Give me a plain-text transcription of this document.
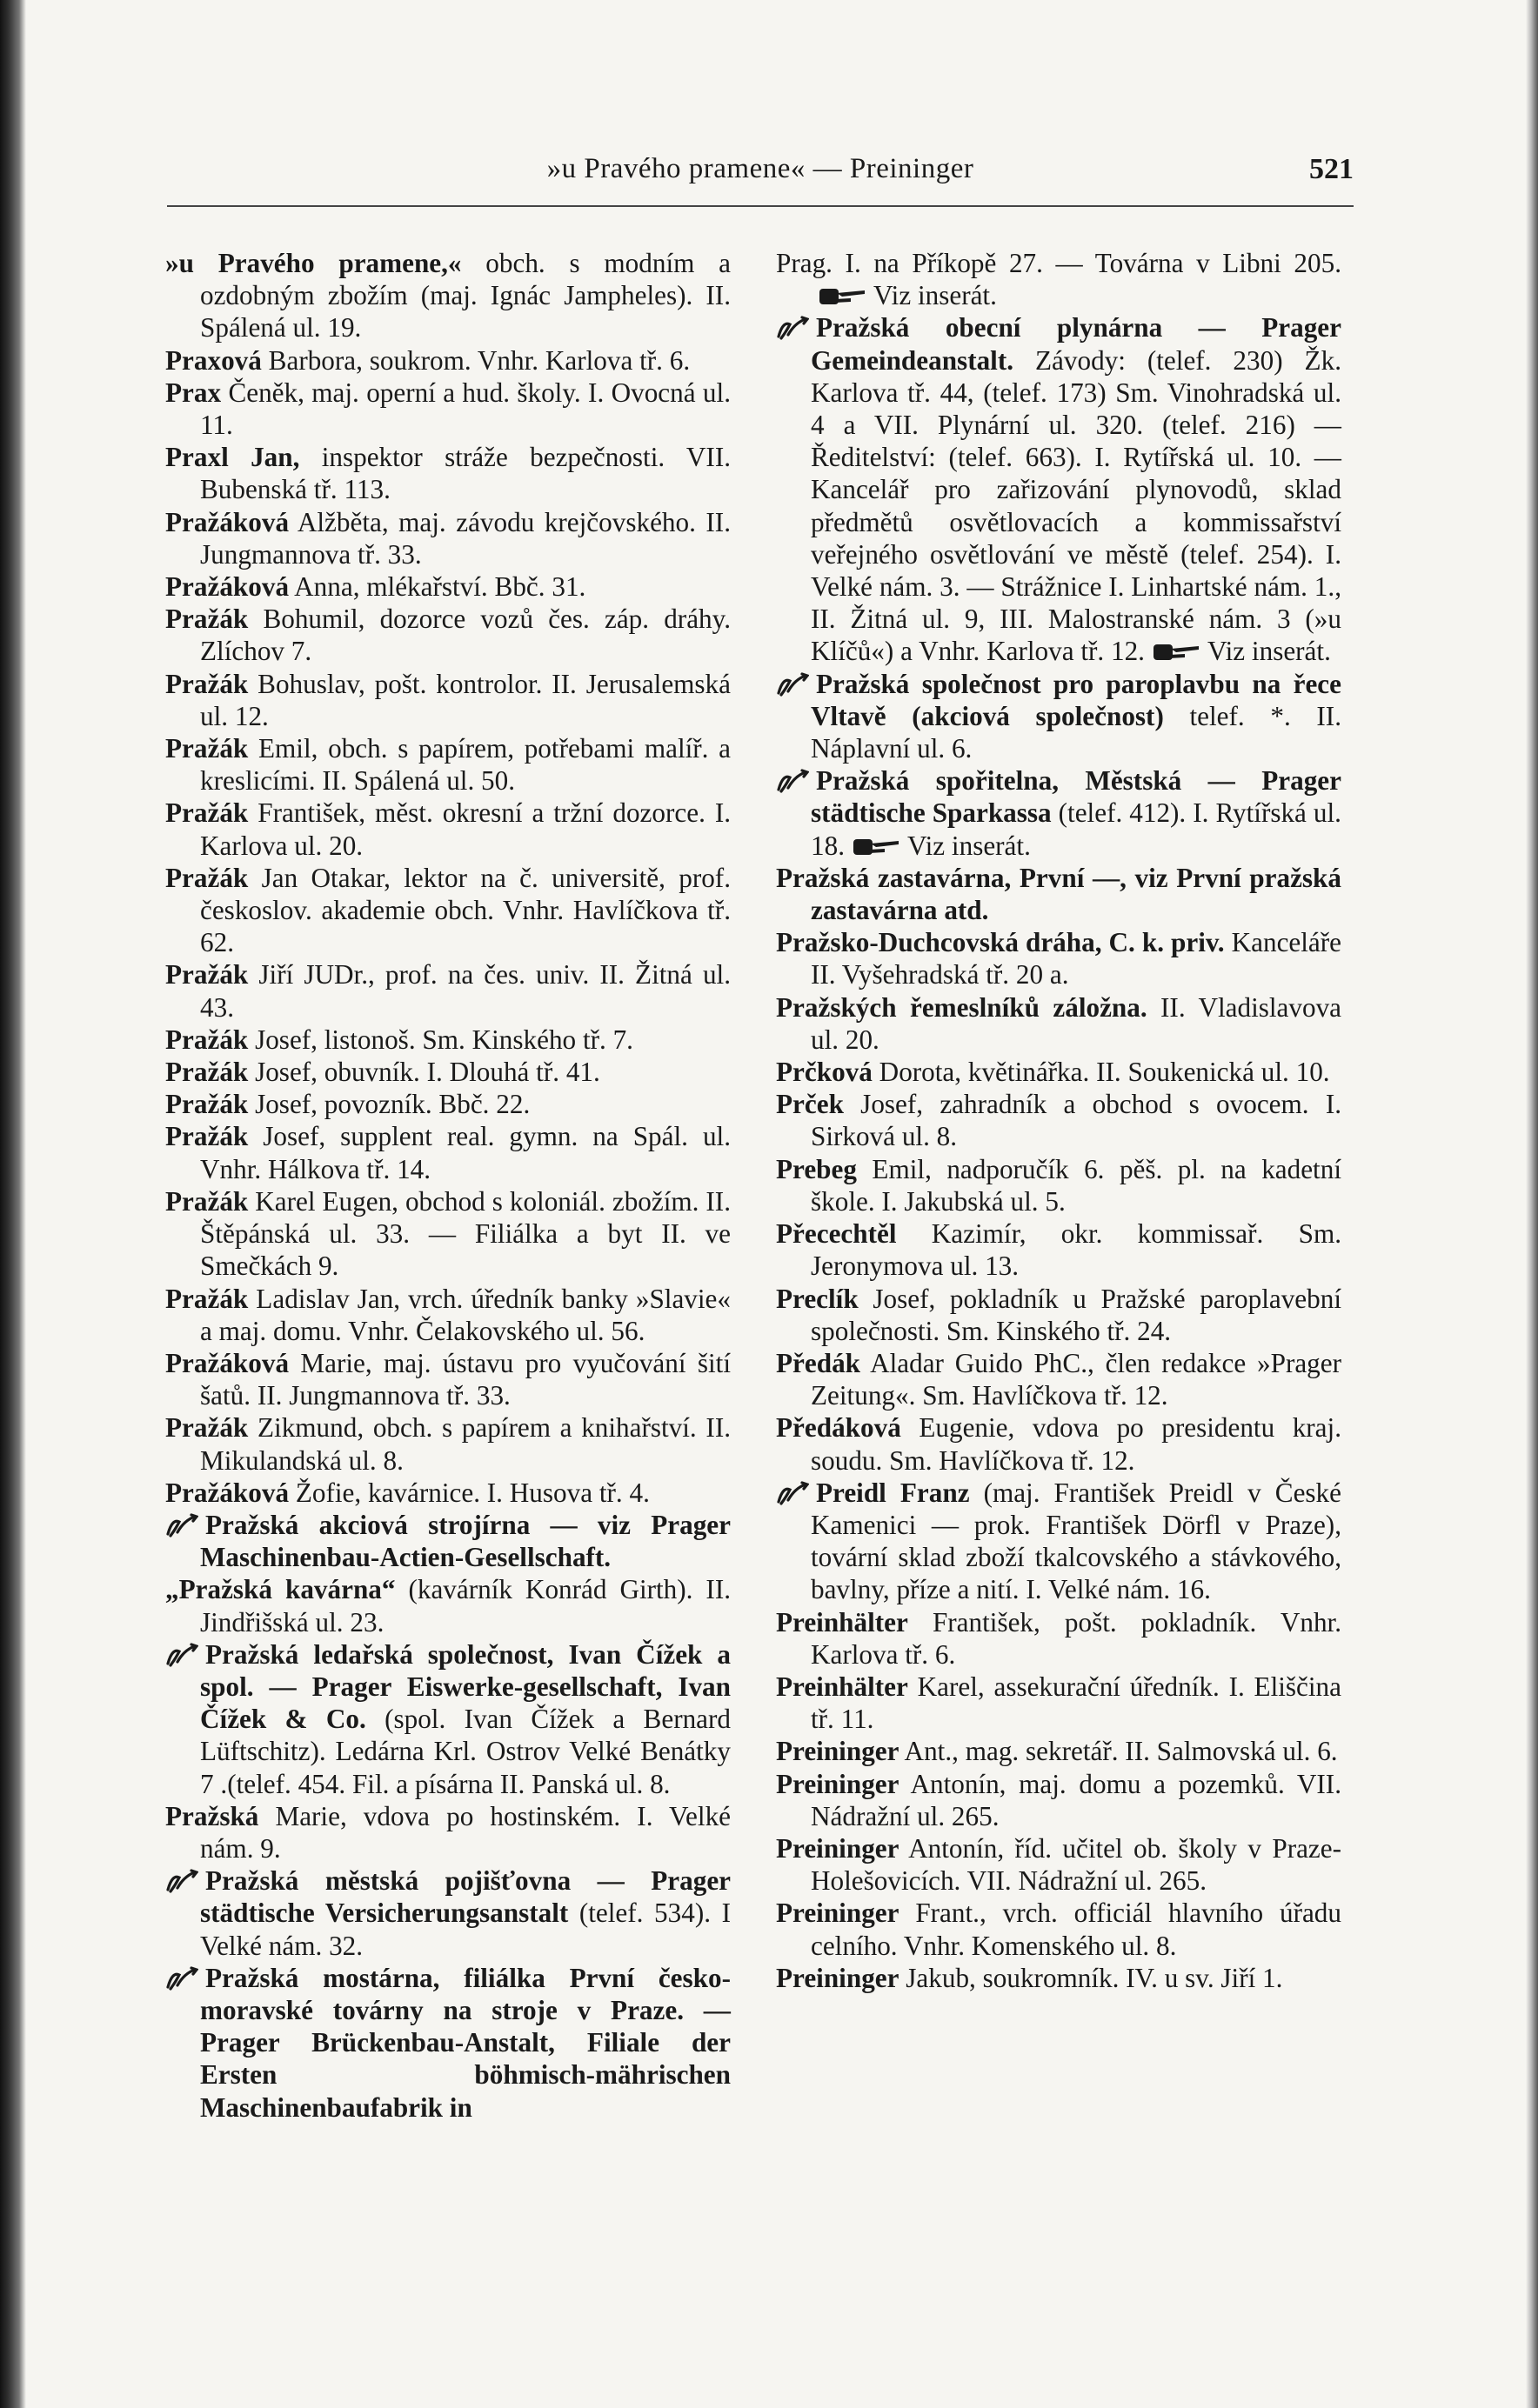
»u Pravého pramene« — Preininger	521

»u Pravého pramene,« obch. s modním a ozdobným zbožím (maj. Ignác Jampheles). II. Spálená ul. 19.

Praxová Barbora, soukrom. Vnhr. Karlova tř. 6.

Prax Čeněk, maj. operní a hud. školy. I. Ovocná ul. 11.

Praxl Jan, inspektor stráže bezpečnosti. VII. Bubenská tř. 113.

Pražáková Alžběta, maj. závodu krejčovského. II. Jungmannova tř. 33.

Pražáková Anna, mlékařství. Bbč. 31.

Pražák Bohumil, dozorce vozů čes. záp. dráhy. Zlíchov 7.

Pražák Bohuslav, pošt. kontrolor. II. Jerusalemská ul. 12.

Pražák Emil, obch. s papírem, potřebami malíř. a kreslicími. II. Spálená ul. 50.

Pražák František, měst. okresní a tržní dozorce. I. Karlova ul. 20.

Pražák Jan Otakar, lektor na č. universitě, prof. českoslov. akademie obch. Vnhr. Havlíčkova tř. 62.

Pražák Jiří JUDr., prof. na čes. univ. II. Žitná ul. 43.

Pražák Josef, listonoš. Sm. Kinského tř. 7.

Pražák Josef, obuvník. I. Dlouhá tř. 41.

Pražák Josef, povozník. Bbč. 22.

Pražák Josef, supplent real. gymn. na Spál. ul. Vnhr. Hálkova tř. 14.

Pražák Karel Eugen, obchod s koloniál. zbožím. II. Štěpánská ul. 33. — Filiálka a byt II. ve Smečkách 9.

Pražák Ladislav Jan, vrch. úředník banky »Slavie« a maj. domu. Vnhr. Čelakovského ul. 56.

Pražáková Marie, maj. ústavu pro vyučování šití šatů. II. Jungmannova tř. 33.

Pražák Zikmund, obch. s papírem a knihařství. II. Mikulandská ul. 8.

Pražáková Žofie, kavárnice. I. Husova tř. 4.

Pražská akciová strojírna — viz Prager Maschinenbau-Actien-Gesellschaft.

„Pražská kavárna“ (kavárník Konrád Girth). II. Jindřišská ul. 23.

Pražská ledařská společnost, Ivan Čížek a spol. — Prager Eiswerke-gesellschaft, Ivan Čížek & Co. (spol. Ivan Čížek a Bernard Lüftschitz). Ledárna Krl. Ostrov Velké Benátky 7 .(telef. 454. Fil. a písárna II. Panská ul. 8.

Pražská Marie, vdova po hostinském. I. Velké nám. 9.

Pražská městská pojišťovna — Prager städtische Versicherungsanstalt (telef. 534). I Velké nám. 32.

Pražská mostárna, filiálka První česko-moravské továrny na stroje v Praze. — Prager Brückenbau-Anstalt, Filiale der Ersten böhmisch-mährischen Maschinenbaufabrik in

Prag. I. na Příkopě 27. — Továrna v Libni 205.Viz inserát.

Pražská obecní plynárna — Prager Gemeindeanstalt. Závody: (telef. 230) Žk. Karlova tř. 44, (telef. 173) Sm. Vinohradská ul. 4 a VII. Plynární ul. 320. (telef. 216) — Ředitelství: (telef. 663). I. Rytířská ul. 10. — Kancelář pro zařizování plynovodů, sklad předmětů osvětlovacích a kommissařství veřejného osvětlování ve městě (telef. 254). I. Velké nám. 3. — Strážnice I. Linhartské nám. 1., II. Žitná ul. 9, III. Malostranské nám. 3 (»u Klíčů«) a Vnhr. Karlova tř. 12. Viz inserát.

Pražská společnost pro paroplavbu na řece Vltavě (akciová společnost) telef. *. II. Náplavní ul. 6.

Pražská spořitelna, Městská — Prager städtische Sparkassa (telef. 412). I. Rytířská ul. 18. Viz inserát.

Pražská zastavárna, První —, viz První pražská zastavárna atd.

Pražsko-Duchcovská dráha, C. k. priv. Kanceláře II. Vyšehradská tř. 20 a.

Pražských řemeslníků záložna. II. Vladislavova ul. 20.

Prčková Dorota, květinářka. II. Soukenická ul. 10.

Prček Josef, zahradník a obchod s ovocem. I. Sirková ul. 8.

Prebeg Emil, nadporučík 6. pěš. pl. na kadetní škole. I. Jakubská ul. 5.

Přecechtěl Kazimír, okr. kommissař. Sm. Jeronymova ul. 13.

Preclík Josef, pokladník u Pražské paroplavební společnosti. Sm. Kinského tř. 24.

Předák Aladar Guido PhC., člen redakce »Prager Zeitung«. Sm. Havlíčkova tř. 12.

Předáková Eugenie, vdova po presidentu kraj. soudu. Sm. Havlíčkova tř. 12.

Preidl Franz (maj. František Preidl v České Kamenici — prok. František Dörfl v Praze), tovární sklad zboží tkalcovského a stávkového, bavlny, příze a nití. I. Velké nám. 16.

Preinhälter František, pošt. pokladník. Vnhr. Karlova tř. 6.

Preinhälter Karel, assekurační úředník. I. Eliščina tř. 11.

Preininger Ant., mag. sekretář. II. Salmovská ul. 6.

Preininger Antonín, maj. domu a pozemků. VII. Nádražní ul. 265.

Preininger Antonín, říd. učitel ob. školy v Praze-Holešovicích. VII. Nádražní ul. 265.

Preininger Frant., vrch. officiál hlavního úřadu celního. Vnhr. Komenského ul. 8.

Preininger Jakub, soukromník. IV. u sv. Jiří 1.
